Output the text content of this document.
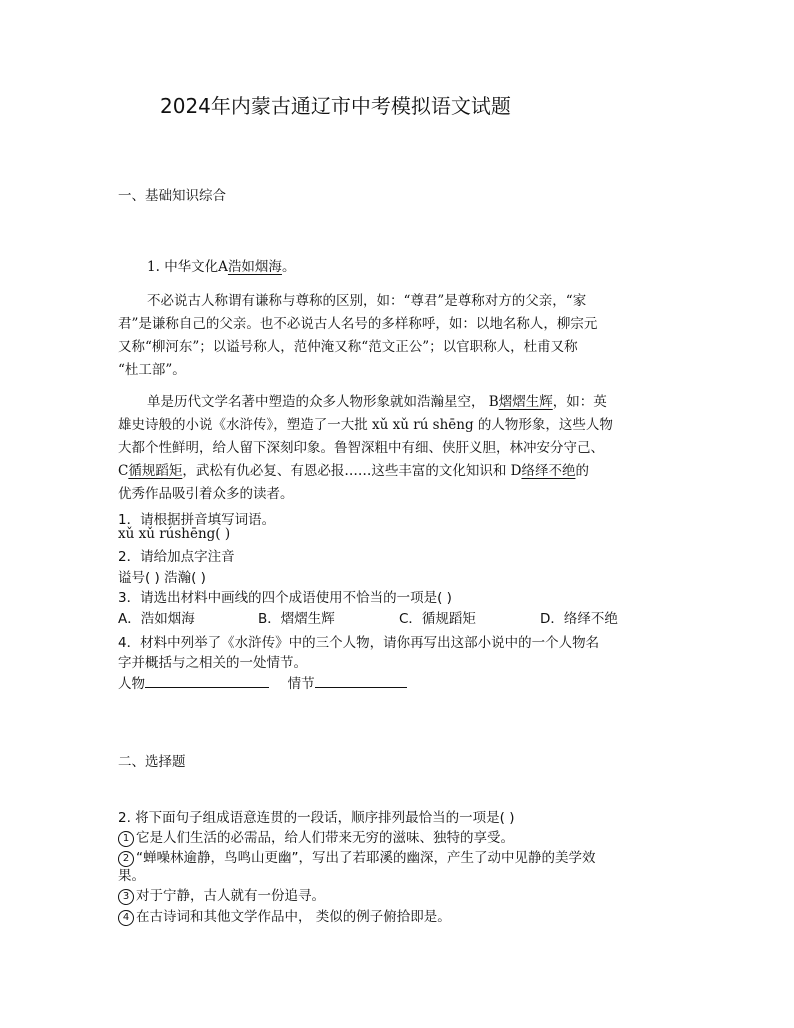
2024年内蒙古通辽市中考模拟语文试题
一、基础知识综合
1. 中华文化A浩如烟海。
不必说古人称谓有谦称与尊称的区别，如：“尊君”是尊称对方的父亲，“家
君”是谦称自己的父亲。也不必说古人名号的多样称呼，如：以地名称人，柳宗元
又称“柳河东”；以谥号称人，范仲淹又称“范文正公”；以官职称人，杜甫又称
“杜工部”。
单是历代文学名著中塑造的众多人物形象就如浩瀚星空， B熠熠生辉，如：英
雄史诗般的小说《水浒传》，塑造了一大批 xǔ xǔ rú shēng 的人物形象，这些人物
大都个性鲜明，给人留下深刻印象。鲁智深粗中有细、侠肝义胆，林冲安分守己、
C循规蹈矩，武松有仇必复、有恩必报……这些丰富的文化知识和 D络绎不绝的
优秀作品吸引着众多的读者。
1．请根据拼音填写词语。
xǔ xǔ rúshēng( )
2．请给加点字注音
谥号( ) 浩瀚( )
3．请选出材料中画线的四个成语使用不恰当的一项是( )
A．浩如烟海	B．熠熠生辉	C．循规蹈矩	D．络绎不绝
4．材料中列举了《水浒传》中的三个人物，请你再写出这部小说中的一个人物名
字并概括与之相关的一处情节。
人物	情节
二、选择题
2. 将下面句子组成语意连贯的一段话，顺序排列最恰当的一项是( )
1 它是人们生活的必需品，给人们带来无穷的滋味、独特的享受。
2 “蝉噪林逾静，鸟鸣山更幽”，写出了若耶溪的幽深，产生了动中见静的美学效
果。
3 对于宁静，古人就有一份追寻。
4 在古诗词和其他文学作品中， 类似的例子俯拾即是。
